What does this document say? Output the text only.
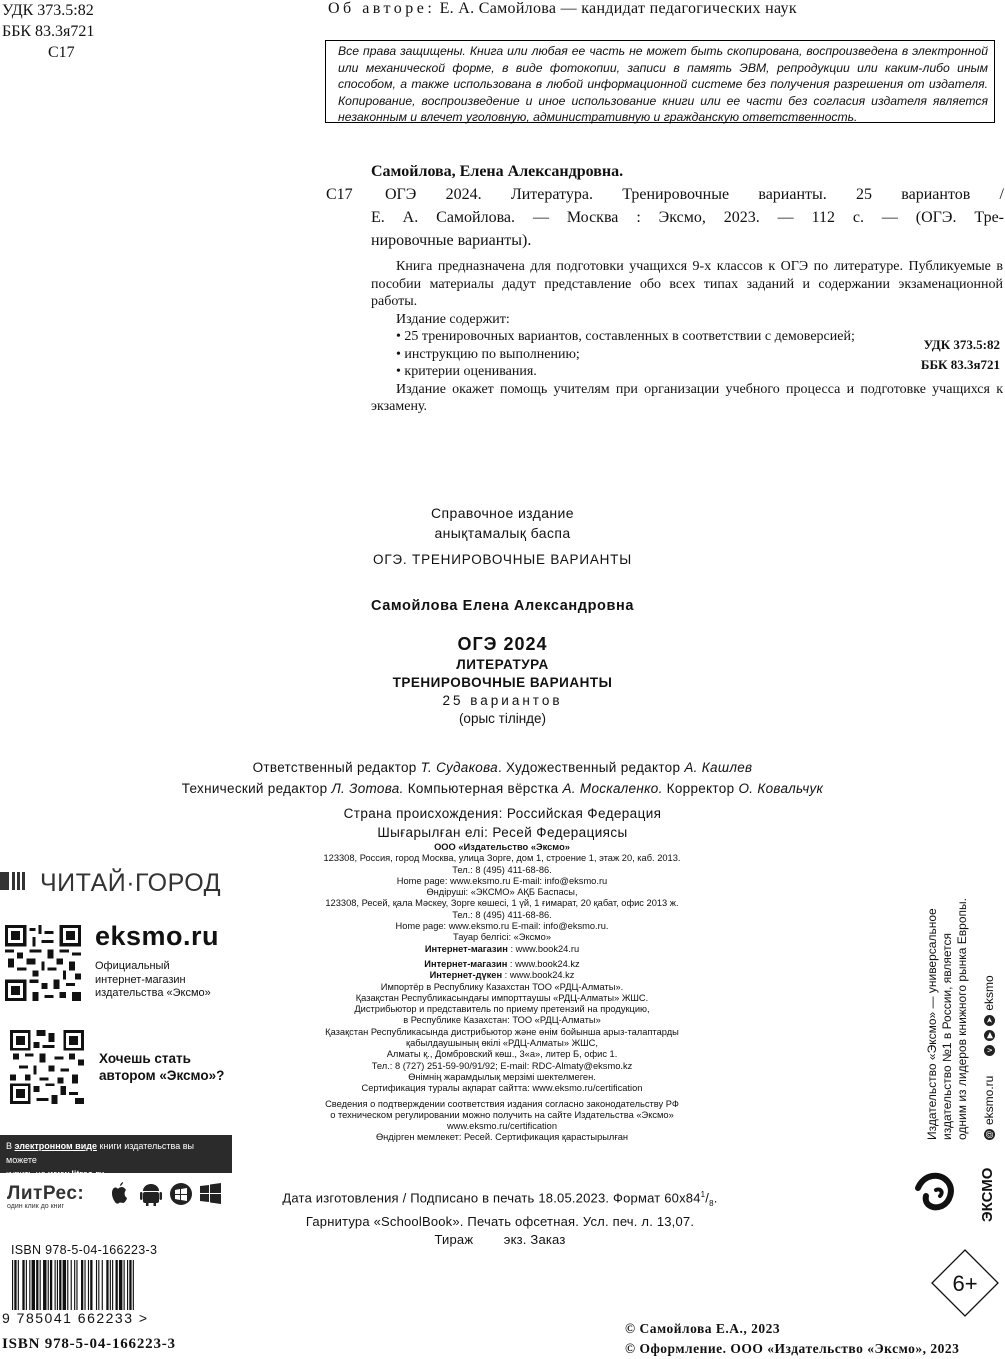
УДК 373.5:82
ББК 83.3я721
С17
Об авторе: Е. А. Самойлова — кандидат педагогических наук
Все права защищены. Книга или любая ее часть не может быть скопирована, воспроизведена в электронной или механической форме, в виде фотокопии, записи в память ЭВМ, репродукции или каким-либо иным способом, а также использована в любой информационной системе без получения разрешения от издателя. Копирование, воспроизведение и иное использование книги или ее части без согласия издателя является незаконным и влечет уголовную, административную и гражданскую ответственность.
Самойлова, Елена Александровна.
С17	ОГЭ 2024. Литература. Тренировочные варианты. 25 вариантов /
Е. А. Самойлова. — Москва : Эксмо, 2023. — 112 с. — (ОГЭ. Тре-
нировочные варианты).
Книга предназначена для подготовки учащихся 9-х классов к ОГЭ по литературе. Публикуемые в пособии материалы дадут представление обо всех типах заданий и содержании экзаменационной работы.
Издание содержит:
• 25 тренировочных вариантов, составленных в соответствии с демоверсией;
• инструкцию по выполнению;
• критерии оценивания.
Издание окажет помощь учителям при организации учебного процесса и подготовке учащихся к экзамену.
УДК 373.5:82
ББК 83.3я721
Справочное издание
анықтамалық баспа
ОГЭ. ТРЕНИРОВОЧНЫЕ ВАРИАНТЫ
Самойлова Елена Александровна
ОГЭ 2024
ЛИТЕРАТУРА
ТРЕНИРОВОЧНЫЕ ВАРИАНТЫ
25 вариантов
(орыс тілінде)
Ответственный редактор Т. Судакова. Художественный редактор А. Кашлев
Технический редактор Л. Зотова. Компьютерная вёрстка А. Москаленко. Корректор О. Ковальчук
Страна происхождения: Российская Федерация
Шығарылған елі: Ресей Федерациясы
ООО «Издательство «Эксмо»
123308, Россия, город Москва, улица Зорге, дом 1, строение 1, этаж 20, каб. 2013.
Тел.: 8 (495) 411-68-86.
Home page: www.eksmo.ru E-mail: info@eksmo.ru
Өндіруші: «ЭКСМО» АҚБ Баспасы,
123308, Ресей, қала Мәскеу, Зорге көшесі, 1 үй, 1 ғимарат, 20 қабат, офис 2013 ж.
Тел.: 8 (495) 411-68-86.
Home page: www.eksmo.ru E-mail: info@eksmo.ru.
Тауар белгісі: «Эксмо»
Интернет-магазин : www.book24.ru
Интернет-магазин : www.book24.kz
Интернет-дүкен : www.book24.kz
Импортёр в Республику Казахстан ТОО «РДЦ-Алматы».
Қазақстан Республикасындағы импорттаушы «РДЦ-Алматы» ЖШС.
Дистрибьютор и представитель по приему претензий на продукцию,
в Республике Казахстан: ТОО «РДЦ-Алматы»
Қазақстан Республикасында дистрибьютор және өнім бойынша арыз-талаптарды
қабылдаушының өкілі «РДЦ-Алматы» ЖШС,
Алматы қ., Домбровский көш., 3«а», литер Б, офис 1.
Тел.: 8 (727) 251-59-90/91/92; E-mail: RDC-Almaty@eksmo.kz
Өнімнің жарамдылық мерзімі шектелмеген.
Сертификация туралы ақпарат сайтта: www.eksmo.ru/certification
Сведения о подтверждении соответствия издания согласно законодательству РФ
о техническом регулировании можно получить на сайте Издательства «Эксмо»
www.eksmo.ru/certification
Өндірген мемлекет: Ресей. Сертификация қарастырылған
Дата изготовления / Подписано в печать 18.05.2023. Формат $60x84^1/_8$.
Гарнитура «SchoolBook». Печать офсетная. Усл. печ. л. 13,07.
Тираж        экз. Заказ
ЧИТАЙ·ГОРОД
eksmo.ru
Официальный
интернет-магазин
издательства «Эксмо»
Хочешь стать
автором «Эксмо»?
В электронном виде книги издательства вы можете
купить на www.litres.ru
ЛитРес:
один клик до книг
ISBN 978-5-04-166223-3
9 785041 662233 >
ISBN 978-5-04-166223-3
© Самойлова Е.А., 2023
© Оформление. ООО «Издательство «Эксмо», 2023
Издательство «Эксмо» — универсальное издательство №1 в России, является одним из лидеров книжного рынка Европы. @
eksmo.ru
v
▶
➤
eksmo
ЭКСМО
6+
